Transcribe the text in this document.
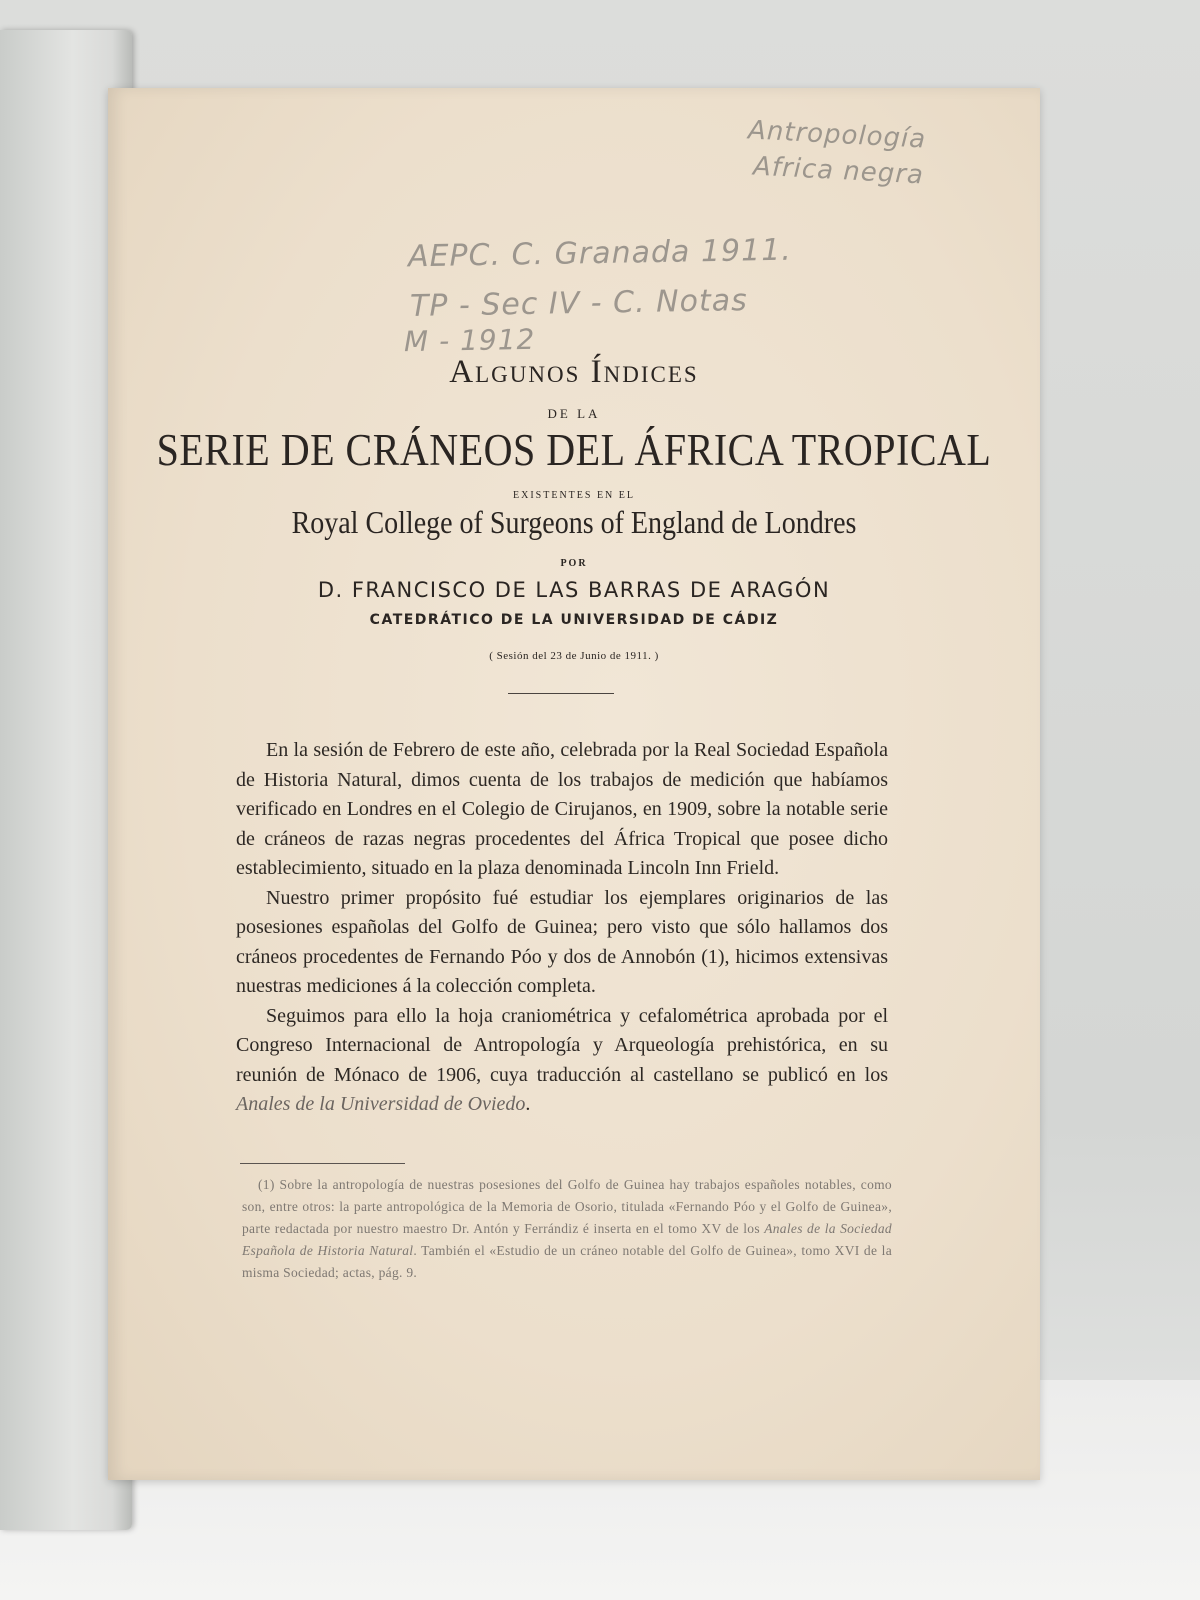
Antropología
Africa negra
AEPC. C. Granada 1911.
TP - Sec IV - C. Notas
M - 1912
Algunos Índices
DE LA
SERIE DE CRÁNEOS DEL ÁFRICA TROPICAL
EXISTENTES EN EL
Royal College of Surgeons of England de Londres
POR
D. FRANCISCO DE LAS BARRAS DE ARAGÓN
CATEDRÁTICO DE LA UNIVERSIDAD DE CÁDIZ
( Sesión del 23 de Junio de 1911. )

En la sesión de Febrero de este año, celebrada por la Real Sociedad Española de Historia Natural, dimos cuenta de los trabajos de medición que habíamos verificado en Londres en el Colegio de Cirujanos, en 1909, sobre la notable serie de cráneos de razas negras procedentes del África Tropical que posee dicho establecimiento, situado en la plaza denominada Lincoln Inn Frield.

Nuestro primer propósito fué estudiar los ejemplares originarios de las posesiones españolas del Golfo de Guinea; pero visto que sólo hallamos dos cráneos procedentes de Fernando Póo y dos de Annobón (1), hicimos extensivas nuestras mediciones á la colección completa.

Seguimos para ello la hoja craniométrica y cefalométrica aprobada por el Congreso Internacional de Antropología y Arqueología prehistórica, en su reunión de Mónaco de 1906, cuya traducción al castellano se publicó en los Anales de la Universidad de Oviedo.

(1) Sobre la antropología de nuestras posesiones del Golfo de Guinea hay trabajos españoles notables, como son, entre otros: la parte antropológica de la Memoria de Osorio, titulada «Fernando Póo y el Golfo de Guinea», parte redactada por nuestro maestro Dr. Antón y Ferrándiz é inserta en el tomo XV de los Anales de la Sociedad Española de Historia Natural. También el «Estudio de un cráneo notable del Golfo de Guinea», tomo XVI de la misma Sociedad; actas, pág. 9.
